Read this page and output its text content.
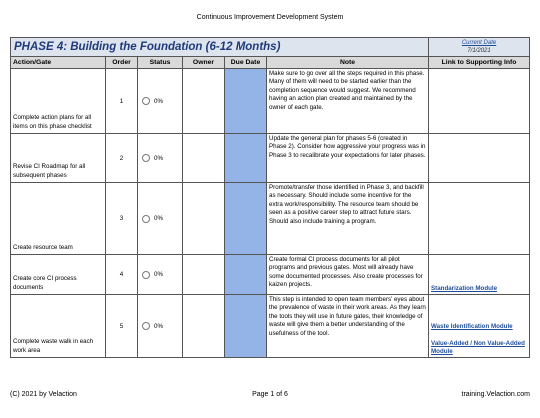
Continuous Improvement Development System
PHASE 4: Building the Foundation (6-12 Months)						Current Date
7/1/2021

Action/Gate	Order	Status	Owner	Due Date	Note	Link to Supporting Info
Complete action plans for all items on this phase checklist	1	0%			Make sure to go over all the steps required in this phase. Many of them will need to be started earlier than the completion sequence would suggest. We recommend having an action plan created and maintained by the owner of each gate.	
Revise CI Roadmap for all subsequent phases	2	0%			Update the general plan for phases 5-6 (created in Phase 2). Consider how aggressive your progress was in Phase 3 to recalibrate your expectations for later phases.	
Create resource team	3	0%			Promote/transfer those identified in Phase 3, and backfill as necessary. Should include some incentive for the extra work/responsibility. The resource team should be seen as a positive career step to attract future stars. Should also include training a program.	
Create core CI process documents	4	0%			Create formal CI process documents for all pilot programs and previous gates. Most will already have some documented processes. Also create processes for kaizen projects.	Standarization Module

Complete waste walk in each work area	5	0%			This step is intended to open team members' eyes about the prevalence of waste in their work areas. As they learn the tools they will use in future gates, their knowledge of waste will give them a better understanding of the usefulness of the tool.	Waste Identification Module
Value-Added / Non Value-Added Module
(C) 2021 by Velaction	Page 1 of 6	training.Velaction.com
